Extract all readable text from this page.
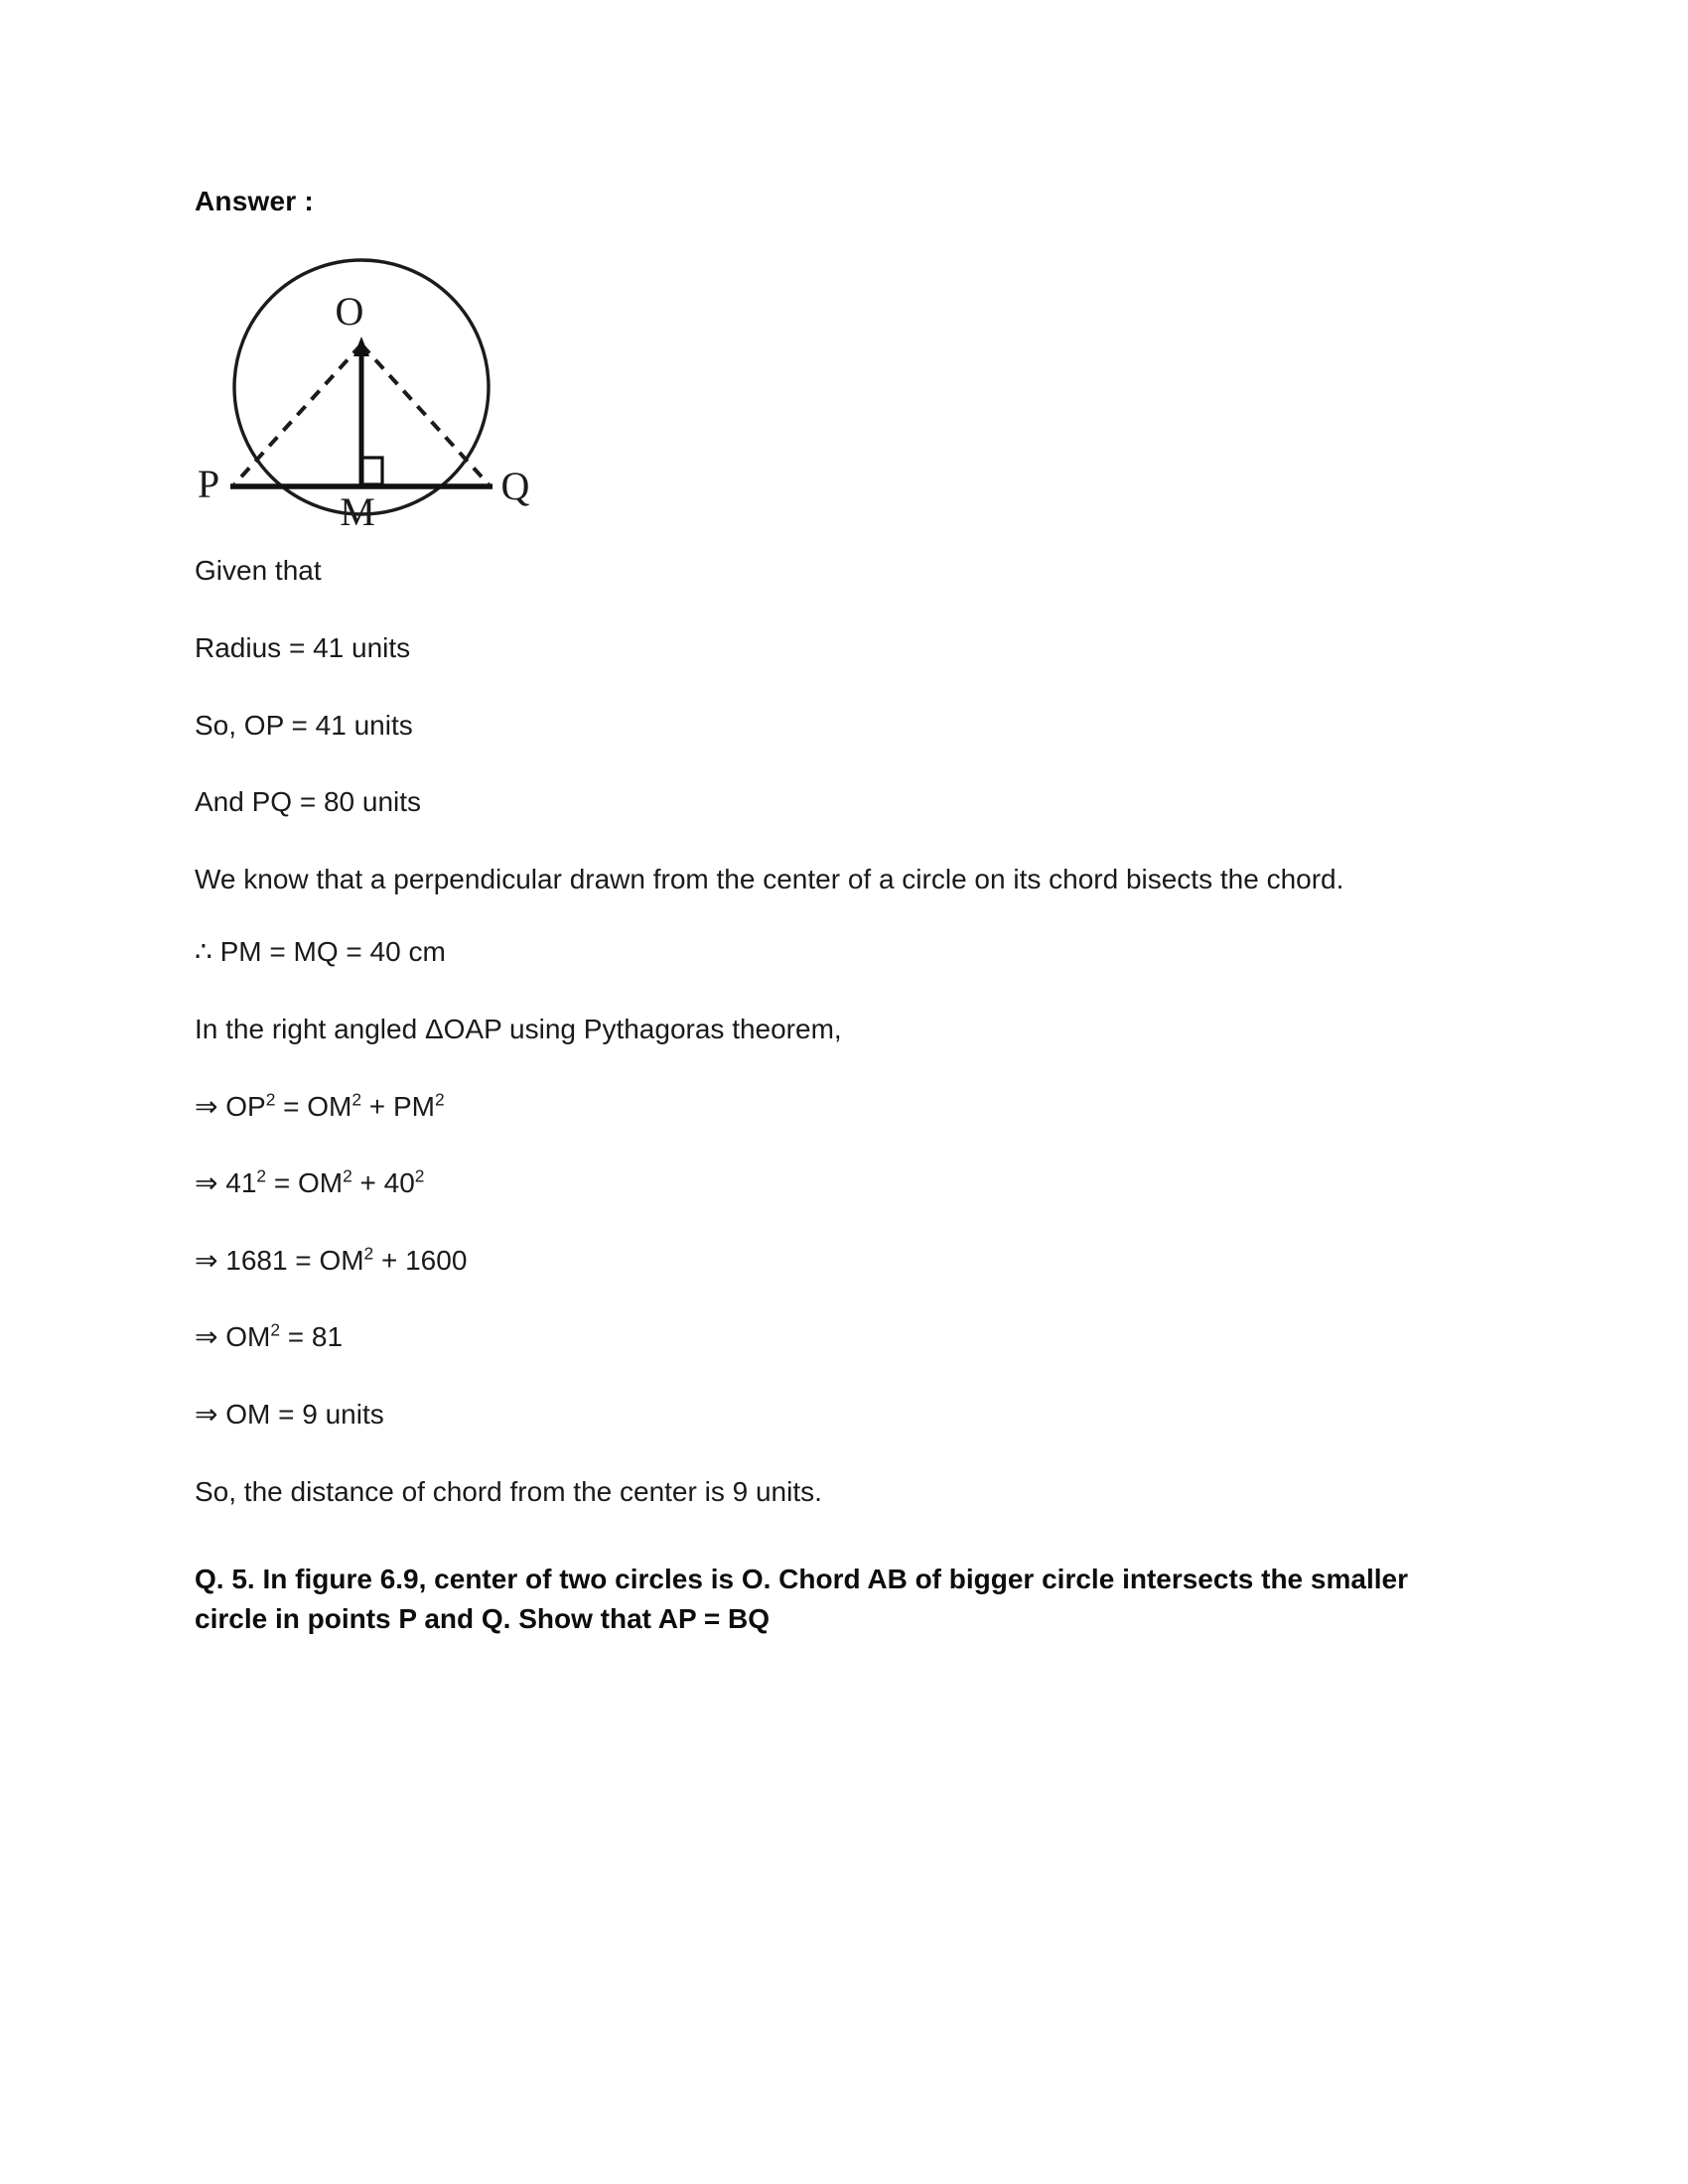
Answer :
O
P	Q
M

Given that

Radius = 41 units

So, OP = 41 units

And PQ = 80 units

We know that a perpendicular drawn from the center of a circle on its chord bisects the chord.

∴ PM = MQ = 40 cm

In the right angled ΔOAP using Pythagoras theorem,

⇒ $OP^2 = OM^2 + PM^2$

⇒ $41^2 = OM^2 + 40^2$

⇒ $1681 = OM^2 + 1600$

⇒ $OM^2 = 81$

⇒ OM = 9 units

So, the distance of chord from the center is 9 units.

Q. 5. In figure 6.9, center of two circles is O. Chord AB of bigger circle intersects the smaller circle in points P and Q. Show that AP = BQ
